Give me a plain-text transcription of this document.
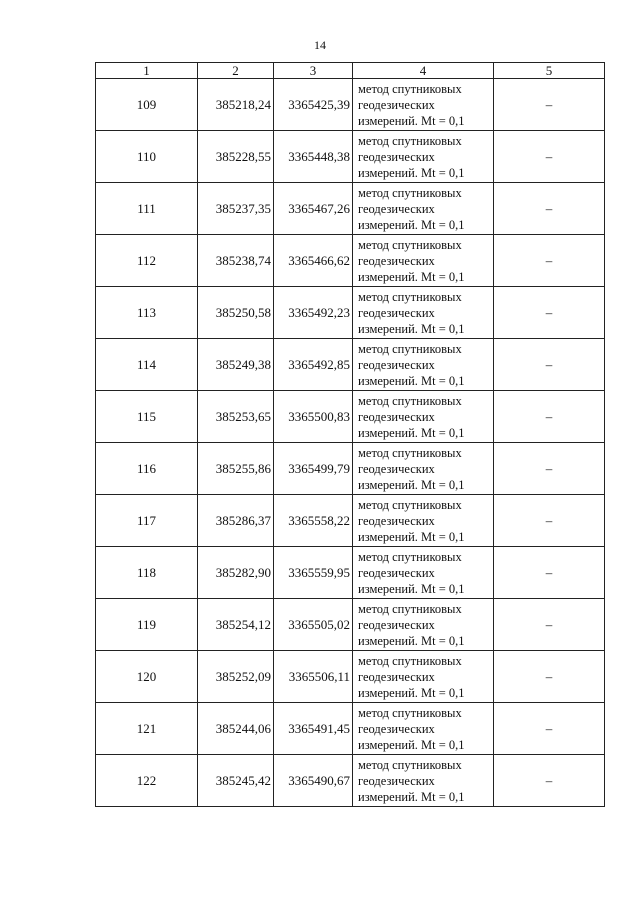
14
1	2	3	4	5
109	385218,24	3365425,39	метод спутниковых
геодезических
измерений. Mt = 0,1	–
110	385228,55	3365448,38	метод спутниковых
геодезических
измерений. Mt = 0,1	–
111	385237,35	3365467,26	метод спутниковых
геодезических
измерений. Mt = 0,1	–
112	385238,74	3365466,62	метод спутниковых
геодезических
измерений. Mt = 0,1	–
113	385250,58	3365492,23	метод спутниковых
геодезических
измерений. Mt = 0,1	–
114	385249,38	3365492,85	метод спутниковых
геодезических
измерений. Mt = 0,1	–
115	385253,65	3365500,83	метод спутниковых
геодезических
измерений. Mt = 0,1	–
116	385255,86	3365499,79	метод спутниковых
геодезических
измерений. Mt = 0,1	–
117	385286,37	3365558,22	метод спутниковых
геодезических
измерений. Mt = 0,1	–
118	385282,90	3365559,95	метод спутниковых
геодезических
измерений. Mt = 0,1	–
119	385254,12	3365505,02	метод спутниковых
геодезических
измерений. Mt = 0,1	–
120	385252,09	3365506,11	метод спутниковых
геодезических
измерений. Mt = 0,1	–
121	385244,06	3365491,45	метод спутниковых
геодезических
измерений. Mt = 0,1	–
122	385245,42	3365490,67	метод спутниковых
геодезических
измерений. Mt = 0,1	–
